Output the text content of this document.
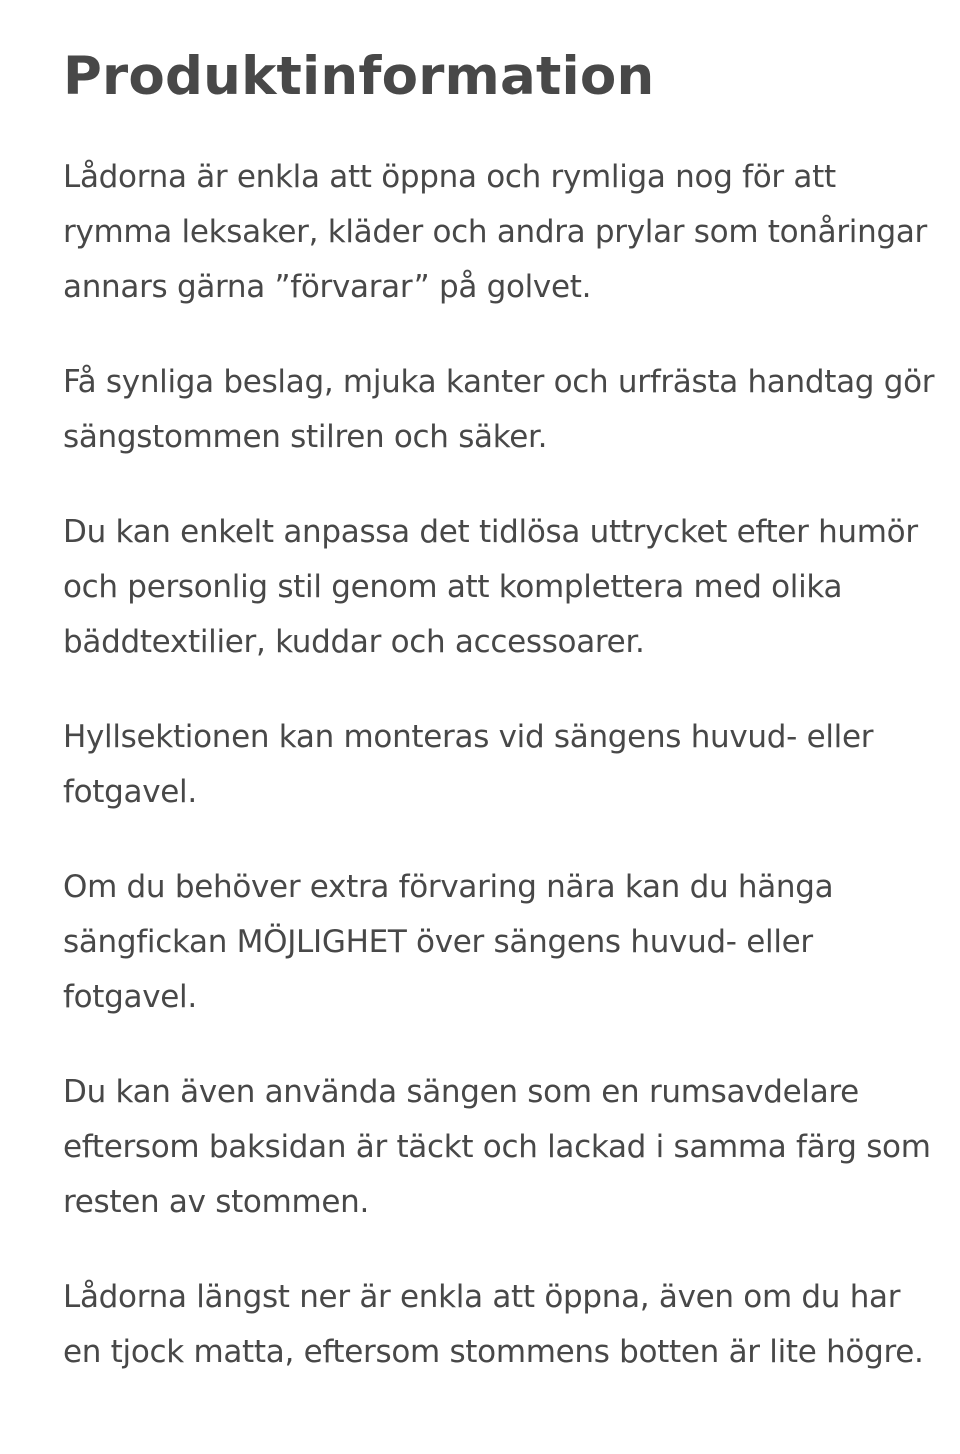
Produktinformation

Lådorna är enkla att öppna och rymliga nog för att rymma leksaker, kläder och andra prylar som tonåringar annars gärna ”förvarar” på golvet.

Få synliga beslag, mjuka kanter och urfrästa handtag gör sängstommen stilren och säker.

Du kan enkelt anpassa det tidlösa uttrycket efter humör och personlig stil genom att komplettera med olika bäddtextilier, kuddar och accessoarer.

Hyllsektionen kan monteras vid sängens huvud- eller fotgavel.

Om du behöver extra förvaring nära kan du hänga sängfickan MÖJLIGHET över sängens huvud- eller fotgavel.

Du kan även använda sängen som en rumsavdelare eftersom baksidan är täckt och lackad i samma färg som resten av stommen.

Lådorna längst ner är enkla att öppna, även om du har en tjock matta, eftersom stommens botten är lite högre.
